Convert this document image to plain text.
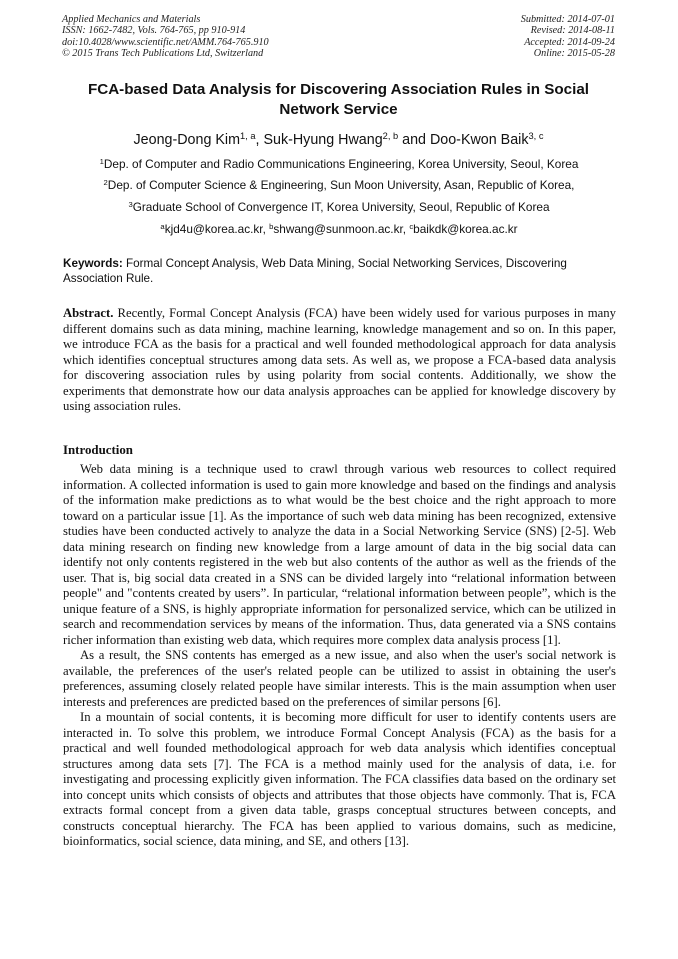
Applied Mechanics and Materials
ISSN: 1662-7482, Vols. 764-765, pp 910-914
doi:10.4028/www.scientific.net/AMM.764-765.910
© 2015 Trans Tech Publications Ltd, Switzerland
Submitted: 2014-07-01
Revised: 2014-08-11
Accepted: 2014-09-24
Online: 2015-05-28
FCA-based Data Analysis for Discovering Association Rules in Social Network Service
Jeong-Dong Kim$^{1, a}$, Suk-Hyung Hwang$^{2, b}$ and Doo-Kwon Baik$^{3, c}$
$^1$Dep. of Computer and Radio Communications Engineering, Korea University, Seoul, Korea
$^2$Dep. of Computer Science & Engineering, Sun Moon University, Asan, Republic of Korea,
$^3$Graduate School of Convergence IT, Korea University, Seoul, Republic of Korea
$^a$kjd4u@korea.ac.kr, $^b$shwang@sunmoon.ac.kr, $^c$baikdk@korea.ac.kr
Keywords: Formal Concept Analysis, Web Data Mining, Social Networking Services, Discovering Association Rule.

Abstract. Recently, Formal Concept Analysis (FCA) have been widely used for various purposes in many different domains such as data mining, machine learning, knowledge management and so on. In this paper, we introduce FCA as the basis for a practical and well founded methodological approach for data analysis which identifies conceptual structures among data sets. As well as, we propose a FCA-based data analysis for discovering association rules by using polarity from social contents. Additionally, we show the experiments that demonstrate how our data analysis approaches can be applied for knowledge discovery by using association rules.

Introduction

Web data mining is a technique used to crawl through various web resources to collect required information. A collected information is used to gain more knowledge and based on the findings and analysis of the information make predictions as to what would be the best choice and the right approach to more toward on a particular issue [1]. As the importance of such web data mining has been recognized, extensive studies have been conducted actively to analyze the data in a Social Networking Service (SNS) [2-5]. Web data mining research on finding new knowledge from a large amount of data in the big social data can identify not only contents registered in the web but also contents of the author as well as the friends of the user. That is, big social data created in a SNS can be divided largely into “relational information between people" and "contents created by users”. In particular, “relational information between people”, which is the unique feature of a SNS, is highly appropriate information for personalized service, which can be utilized in search and recommendation services by means of the information. Thus, data generated via a SNS contains richer information than existing web data, which requires more complex data analysis process [1].

As a result, the SNS contents has emerged as a new issue, and also when the user's social network is available, the preferences of the user's related people can be utilized to assist in obtaining the user's preferences, assuming closely related people have similar interests. This is the main assumption when user interests and preferences are predicted based on the preferences of similar persons [6].

In a mountain of social contents, it is becoming more difficult for user to identify contents users are interacted in. To solve this problem, we introduce Formal Concept Analysis (FCA) as the basis for a practical and well founded methodological approach for web data analysis which identifies conceptual structures among data sets [7]. The FCA is a method mainly used for the analysis of data, i.e. for investigating and processing explicitly given information. The FCA classifies data based on the ordinary set into concept units which consists of objects and attributes that those objects have commonly. That is, FCA extracts formal concept from a given data table, grasps conceptual structures between concepts, and constructs conceptual hierarchy. The FCA has been applied to various domains, such as medicine, bioinformatics, social science, data mining, and SE, and others [13].
